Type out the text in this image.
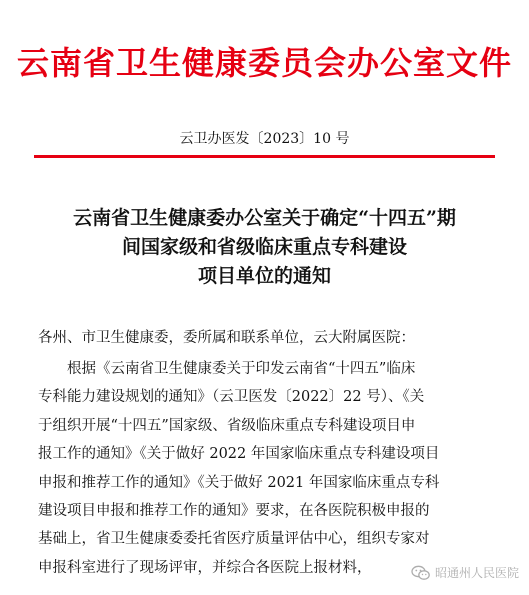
云南省卫生健康委员会办公室文件
云卫办医发〔2023〕10 号
云南省卫生健康委办公室关于确定“十四五”期
间国家级和省级临床重点专科建设
项目单位的通知
各州、市卫生健康委，委所属和联系单位，云大附属医院：
根据《云南省卫生健康委关于印发云南省“十四五”临床
专科能力建设规划的通知》（云卫医发〔2022〕22 号）、《关
于组织开展“十四五”国家级、省级临床重点专科建设项目申
报工作的通知》《关于做好 2022 年国家临床重点专科建设项目
申报和推荐工作的通知》《关于做好 2021 年国家临床重点专科
建设项目申报和推荐工作的通知》要求，在各医院积极申报的
基础上，省卫生健康委委托省医疗质量评估中心，组织专家对
申报科室进行了现场评审，并综合各医院上报材料，	昭通州人民医院
